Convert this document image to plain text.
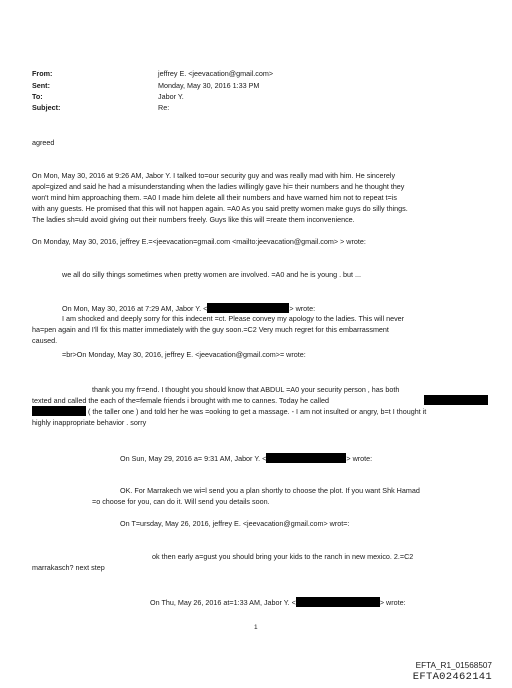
From:	jeffrey E. <jeevacation@gmail.com>
Sent:	Monday, May 30, 2016 1:33 PM
To:	Jabor Y.
Subject:	Re:
agreed
On Mon, May 30, 2016 at 9:26 AM, Jabor Y. I talked to=our security guy and was really mad with him. He sincerely
apol=gized and said he had a misunderstanding when the ladies willingly gave hi= their numbers and he thought they
won't mind him approaching them. =A0 I made him delete all their numbers and have warned him not to repeat t=is
with any guests. He promised that this will not happen again. =A0 As you said pretty women make guys do silly things.
The ladies sh=uld avoid giving out their numbers freely. Guys like this will =reate them inconvenience.
On Monday, May 30, 2016, jeffrey E.=<jeevacation=gmail.com <mailto:jeevacation@gmail.com> > wrote:
we all do silly things sometimes when pretty women are involved. =A0 and he is young . but ...
On Mon, May 30, 2016 at 7:29 AM, Jabor Y. <	> wrote:
I am shocked and deeply sorry for this indecent =ct. Please convey my apology to the ladies. This will never
ha=pen again and I'll fix this matter immediately with the guy soon.=C2 Very much regret for this embarrassment
caused.
=br>On Monday, May 30, 2016, jeffrey E. <jeevacation@gmail.com>= wrote:
thank you my fr=end. I thought you should know that ABDUL =A0 your security person , has both
texted and called the each of the=female friends i brought with me to cannes. Today he called
( the taller one ) and told her he was =ooking to get a massage. - I am not insulted or angry, b=t I thought it
highly inappropriate behavior . sorry
On Sun, May 29, 2016 a= 9:31 AM, Jabor Y. <	> wrote:
OK. For Marrakech we wi=l send you a plan shortly to choose the plot. If you want Shk Hamad
=o choose for you, can do it. Will send you details soon.
On T=ursday, May 26, 2016, jeffrey E. <jeevacation@gmail.com> wrot=:
ok then early a=gust you should bring your kids to the ranch in new mexico. 2.=C2
marrakasch? next step
On Thu, May 26, 2016 at=1:33 AM, Jabor Y. <	> wrote:
1
EFTA_R1_01568507
EFTA02462141
